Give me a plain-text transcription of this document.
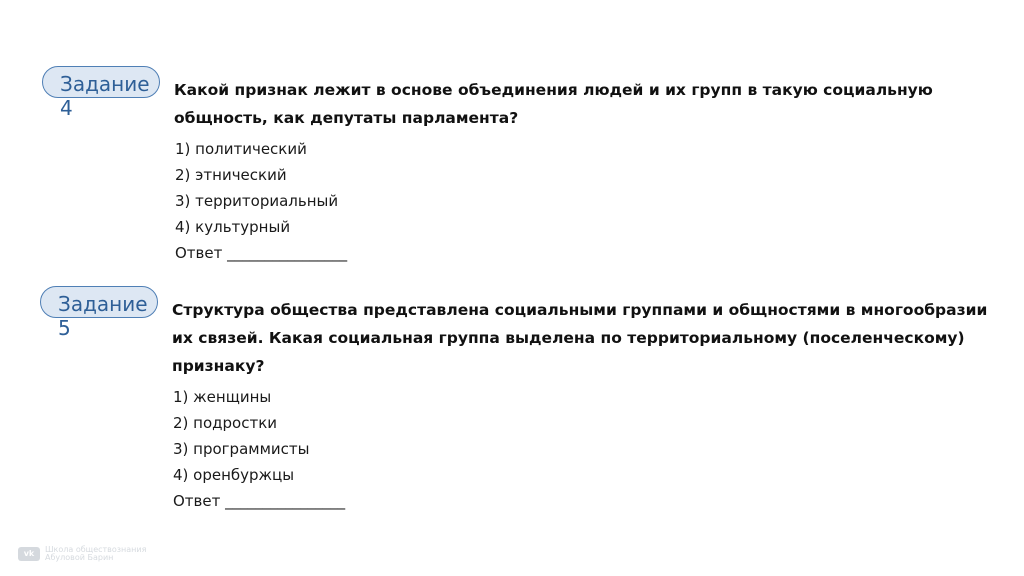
Задание 4

Какой признак лежит в основе объединения людей и их групп в такую социальную общность, как депутаты парламента?

1) политический
2) этнический
3) территориальный
4) культурный
Ответ ________________
Задание 5

Структура общества представлена социальными группами и общностями в многообразии их связей. Какая социальная группа выделена по территориальному (поселенческому) признаку?

1) женщины
2) подростки
3) программисты
4) оренбуржцы
Ответ ________________
vk	Школа обществознания
Абуловой Барин
